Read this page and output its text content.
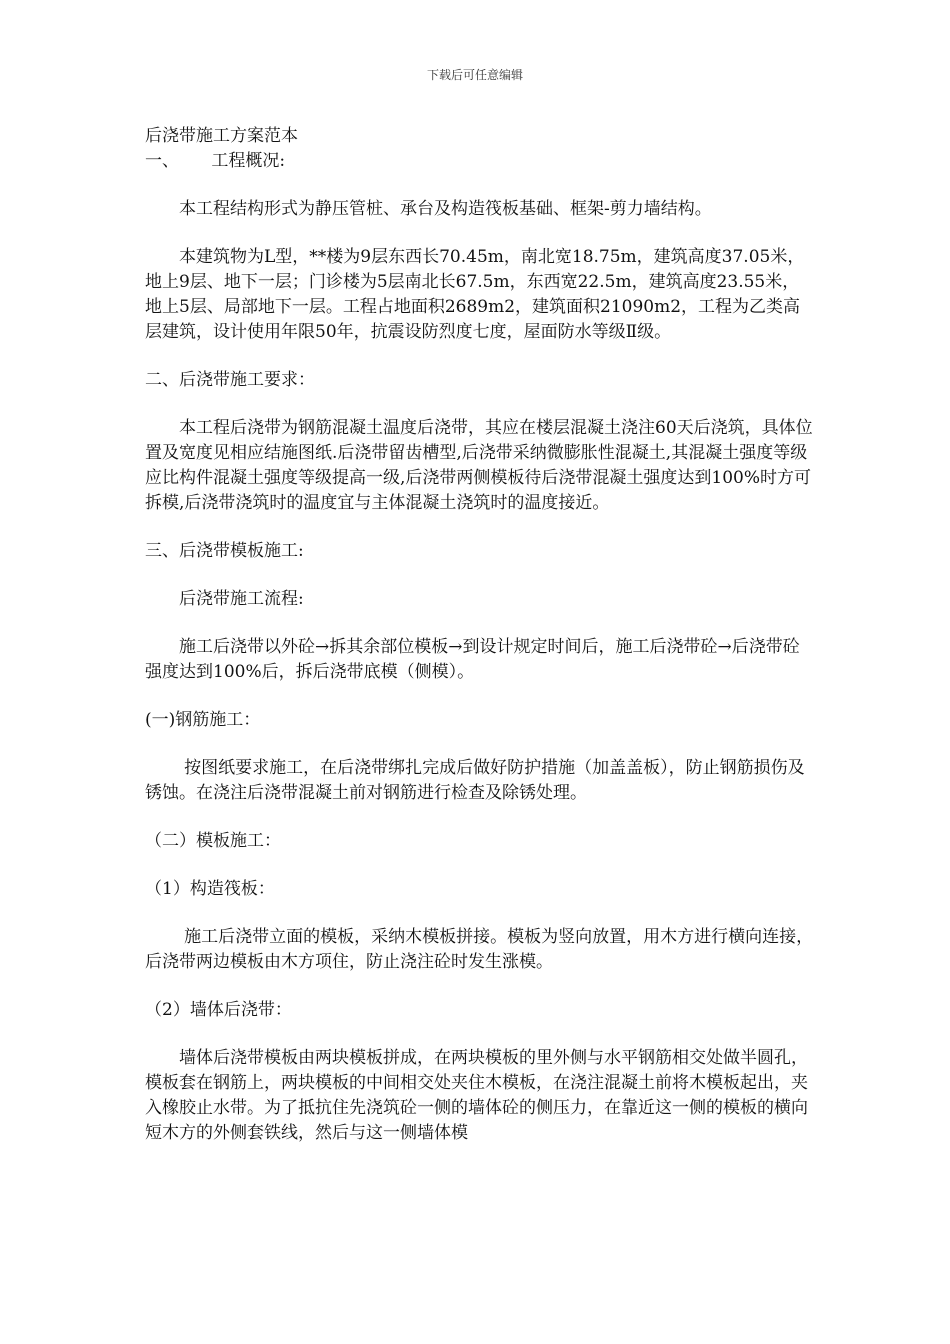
下载后可任意编辑

后浇带施工方案范本

一、      工程概况:

本工程结构形式为静压管桩、承台及构造筏板基础、框架-剪力墙结构。

本建筑物为L型，**楼为9层东西长70.45m，南北宽18.75m，建筑高度37.05米，地上9层、地下一层；门诊楼为5层南北长67.5m，东西宽22.5m，建筑高度23.55米，地上5层、局部地下一层。工程占地面积2689m2，建筑面积21090m2，工程为乙类高层建筑，设计使用年限50年，抗震设防烈度七度，屋面防水等级Ⅱ级。

二、后浇带施工要求：

本工程后浇带为钢筋混凝土温度后浇带，其应在楼层混凝土浇注60天后浇筑，具体位置及宽度见相应结施图纸.后浇带留齿槽型,后浇带采纳微膨胀性混凝土,其混凝土强度等级应比构件混凝土强度等级提高一级,后浇带两侧模板待后浇带混凝土强度达到100%时方可拆模,后浇带浇筑时的温度宜与主体混凝土浇筑时的温度接近。

三、后浇带模板施工:

后浇带施工流程:

施工后浇带以外砼→拆其余部位模板→到设计规定时间后，施工后浇带砼→后浇带砼强度达到100%后，拆后浇带底模（侧模）。

(一)钢筋施工：

按图纸要求施工，在后浇带绑扎完成后做好防护措施（加盖盖板），防止钢筋损伤及锈蚀。在浇注后浇带混凝土前对钢筋进行检查及除锈处理。

（二）模板施工：

（1）构造筏板：

施工后浇带立面的模板，采纳木模板拼接。模板为竖向放置，用木方进行横向连接，后浇带两边模板由木方项住，防止浇注砼时发生涨模。

（2）墙体后浇带：

墙体后浇带模板由两块模板拼成，在两块模板的里外侧与水平钢筋相交处做半圆孔，模板套在钢筋上，两块模板的中间相交处夹住木模板，在浇注混凝土前将木模板起出，夹入橡胶止水带。为了抵抗住先浇筑砼一侧的墙体砼的侧压力，在靠近这一侧的模板的横向短木方的外侧套铁线，然后与这一侧墙体模
